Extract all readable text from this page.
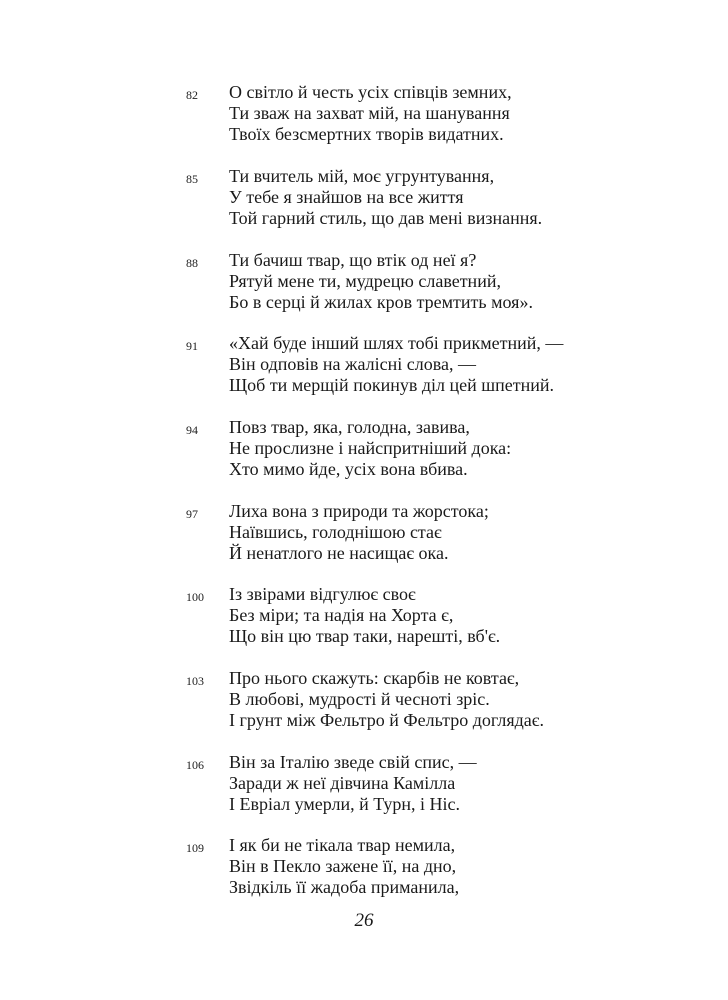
82	О світло й честь усіх співців земних,
Ти зваж на захват мій, на шанування
Твоїх безсмертних творів видатних.
85	Ти вчитель мій, моє угрунтування,
У тебе я знайшов на все життя
Той гарний стиль, що дав мені визнання.
88	Ти бачиш твар, що втік од неї я?
Рятуй мене ти, мудрецю славетний,
Бо в серці й жилах кров тремтить моя».
91	«Хай буде інший шлях тобі прикметний, —
Він одповів на жалісні слова, —
Щоб ти мерщій покинув діл цей шпетний.
94	Повз твар, яка, голодна, завива,
Не прослизне і найспритніший дока:
Хто мимо йде, усіх вона вбива.
97	Лиха вона з природи та жорстока;
Наївшись, голоднішою стає
Й ненатлого не насищає ока.
100	Із звірами відгулює своє
Без міри; та надія на Хорта є,
Що він цю твар таки, нарешті, вб'є.
103	Про нього скажуть: скарбів не ковтає,
В любові, мудрості й чесноті зріс.
І грунт між Фельтро й Фельтро доглядає.
106	Він за Італію зведе свій спис, —
Заради ж неї дівчина Камілла
І Евріал умерли, й Турн, і Ніс.
109	І як би не тікала твар немила,
Він в Пекло зажене її, на дно,
Звідкіль її жадоба приманила,
26
